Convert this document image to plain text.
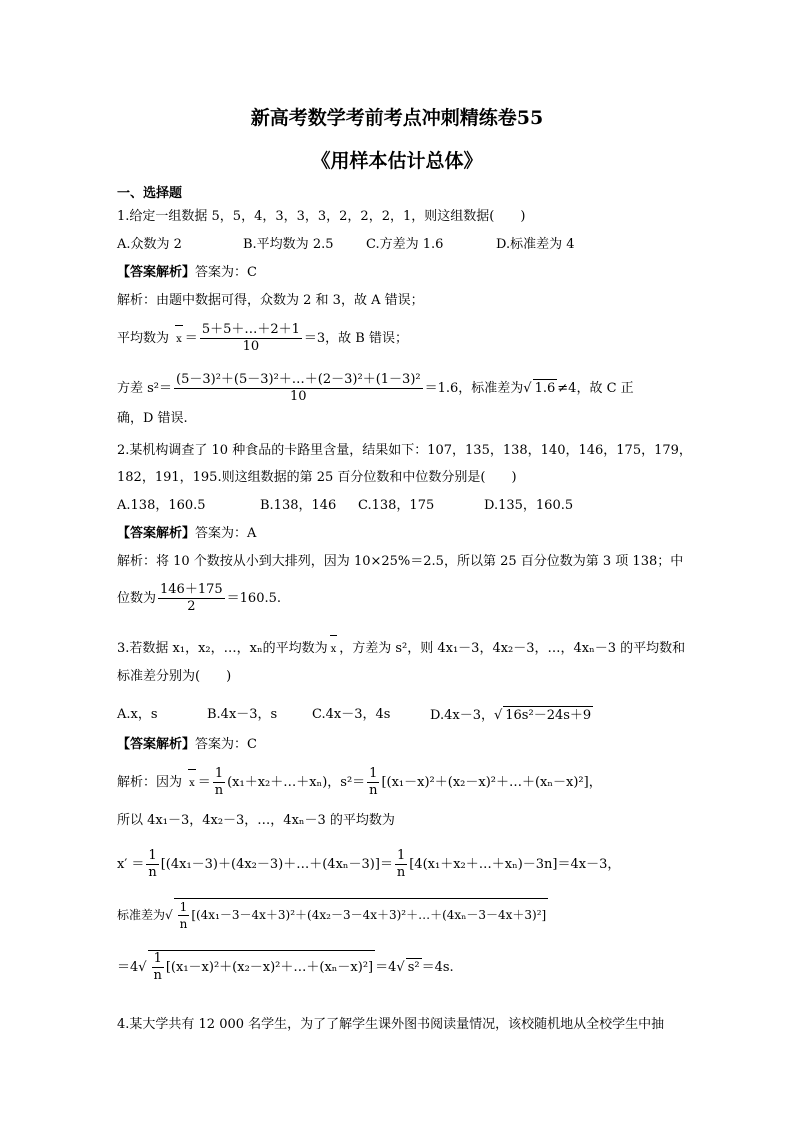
新高考数学考前考点冲刺精练卷55
《用样本估计总体》
一、选择题
1.给定一组数据 5，5，4，3，3，3，2，2，2，1，则这组数据(　　)
A.众数为 2	B.平均数为 2.5	C.方差为 1.6	D.标准差为 4
【答案解析】答案为：C
解析：由题中数据可得，众数为 2 和 3，故 A 错误；
平均数为 $x = \frac{5+5+\dots+2+1}{10} =3$，故 B 错误；
方差 $s^2= \frac{\text{(5－3)²＋(5－3)²＋…＋(2－3)²＋(1－3)²}}{10} =1.6$，标准差为√ 1.6 ≠4，故 C 正
确，D 错误.
2.某机构调查了 10 种食品的卡路里含量，结果如下：107，135，138，140，146，175，179，
182，191，195.则这组数据的第 25 百分位数和中位数分别是(　　)
A.138，160.5	B.138，146 C.138，175	D.135，160.5
【答案解析】答案为：A
解析：将 10 个数按从小到大排列，因为 10×25%＝2.5，所以第 25 百分位数为第 3 项 138；中
位数为 $\frac{146+175}{2} =160.5$.
3.若数据 x₁，x₂，…，xₙ的平均数为 x ，方差为 s²，则 4x₁－3，4x₂－3，…，4xₙ－3 的平均数和
标准差分别为(　　)
A.x，s	B.4x－3，s	C.4x－3，4s	D.4x－3，√ 16s²－24s＋9
【答案解析】答案为：C
解析：因为 $x = \frac{1}{n}$ (x₁＋x₂＋…＋xₙ)，$s^2= \frac{1}{n}$ [(x₁－x)²＋(x₂－x)²＋…＋(xₙ－x)²]，
所以 4x₁－3，4x₂－3，…，4xₙ－3 的平均数为
$x' = \frac{1}{n}$ [(4x₁－3)＋(4x₂－3)＋…＋(4xₙ－3)]＝ $\frac{1}{n}$ [4(x₁＋x₂＋…＋xₙ)－3n]＝4x－3，
标准差为√ $\frac{1}{n}$ [(4x₁－3－4x＋3)²＋(4x₂－3－4x＋3)²＋…＋(4xₙ－3－4x＋3)²]
$=4√ \frac{1}{n}$ [(x₁－x)²＋(x₂－x)²＋…＋(xₙ－x)²] ＝4√ s² ＝4s.
4.某大学共有 12 000 名学生，为了了解学生课外图书阅读量情况，该校随机地从全校学生中抽
